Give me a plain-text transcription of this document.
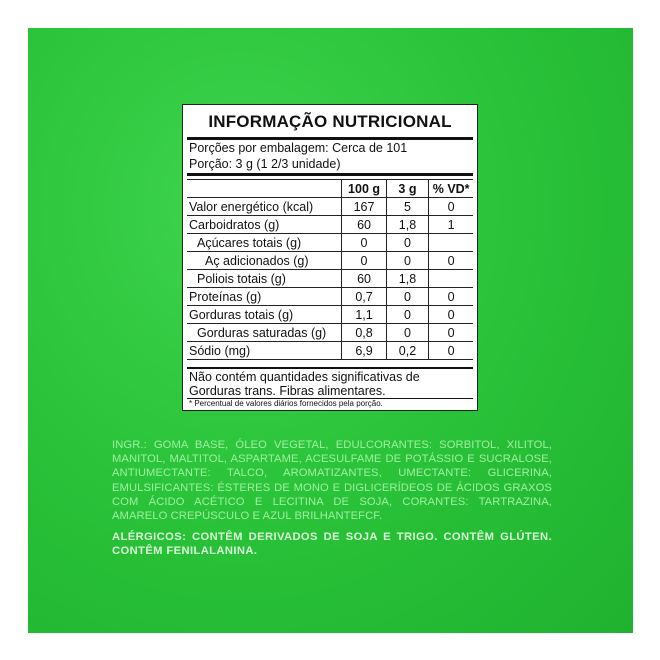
INFORMAÇÃO NUTRICIONAL
Porções por embalagem: Cerca de 101
Porção: 3 g (1 2/3 unidade)
	100 g	3 g	% VD*
Valor energético (kcal)	167	5	0
Carboidratos (g)	60	1,8	1
Açúcares totais (g)	0	0	
Aç adicionados (g)	0	0	0
Poliois totais (g)	60	1,8	
Proteínas (g)	0,7	0	0
Gorduras totais (g)	1,1	0	0
Gorduras saturadas (g)	0,8	0	0
Sódio (mg)	6,9	0,2	0
Não contém quantidades significativas de Gorduras trans. Fibras alimentares.
* Percentual de valores diários fornecidos pela porção.
INGR.: GOMA BASE, ÓLEO VEGETAL, EDULCORANTES: SORBITOL, XILITOL, MANITOL, MALTITOL, ASPARTAME, ACESULFAME DE POTÁSSIO E SUCRALOSE, ANTIUMECTANTE: TALCO, AROMATIZANTES, UMECTANTE: GLICERINA, EMULSIFICANTES: ÉSTERES DE MONO E DIGLICERÍDEOS DE ÁCIDOS GRAXOS COM ÁCIDO ACÉTICO E LECITINA DE SOJA, CORANTES: TARTRAZINA, AMARELO CREPÚSCULO E AZUL BRILHANTEFCF.
ALÉRGICOS: CONTÊM DERIVADOS DE SOJA E TRIGO. CONTÊM GLÚTEN. CONTÊM FENILALANINA.
